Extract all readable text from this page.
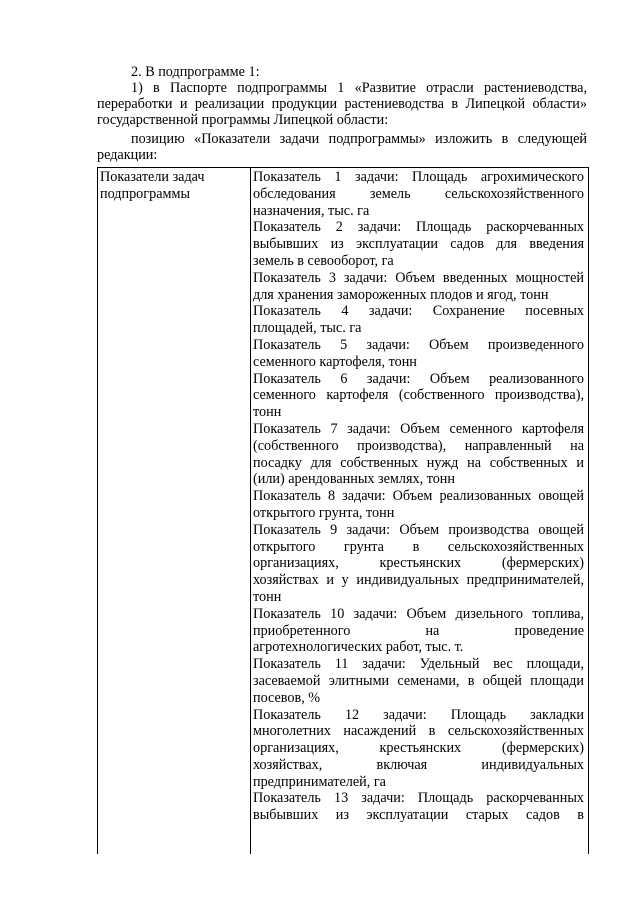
2. В подпрограмме 1:
1) в Паспорте подпрограммы 1 «Развитие отрасли растениеводства,
переработки и реализации продукции растениеводства в Липецкой области»
государственной программы Липецкой области:
позицию «Показатели задачи подпрограммы» изложить в следующей
редакции:
Показатели задач
подпрограммы
Показатель 1 задачи: Площадь агрохимического
обследования земель сельскохозяйственного
назначения, тыс. га
Показатель 2 задачи: Площадь раскорчеванных
выбывших из эксплуатации садов для введения
земель в севооборот, га
Показатель 3 задачи: Объем введенных мощностей
для хранения замороженных плодов и ягод, тонн
Показатель 4 задачи: Сохранение посевных
площадей, тыс. га
Показатель 5 задачи: Объем произведенного
семенного картофеля, тонн
Показатель 6 задачи: Объем реализованного
семенного картофеля (собственного производства),
тонн
Показатель 7 задачи: Объем семенного картофеля
(собственного производства), направленный на
посадку для собственных нужд на собственных и
(или) арендованных землях, тонн
Показатель 8 задачи: Объем реализованных овощей
открытого грунта, тонн
Показатель 9 задачи: Объем производства овощей
открытого грунта в сельскохозяйственных
организациях, крестьянских (фермерских)
хозяйствах и у индивидуальных предпринимателей,
тонн
Показатель 10 задачи: Объем дизельного топлива,
приобретенного на проведение
агротехнологических работ, тыс. т.
Показатель 11 задачи: Удельный вес площади,
засеваемой элитными семенами, в общей площади
посевов, %
Показатель 12 задачи: Площадь закладки
многолетних насаждений в сельскохозяйственных
организациях, крестьянских (фермерских)
хозяйствах, включая индивидуальных
предпринимателей, га
Показатель 13 задачи: Площадь раскорчеванных
выбывших из эксплуатации старых садов в
